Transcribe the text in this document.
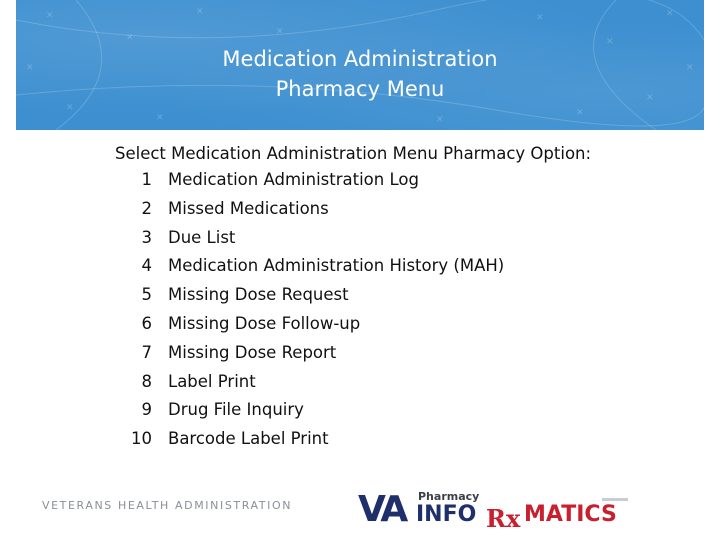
✕
✕
✕
✕
✕
✕
✕
✕
✕	✕
✕
✕	✕
✕
Medication Administration
Pharmacy Menu
Select Medication Administration Menu Pharmacy Option:
1 Medication Administration Log
2 Missed Medications
3 Due List
4 Medication Administration History (MAH)
5 Missing Dose Request
6 Missing Dose Follow-up
7 Missing Dose Report
8 Label Print
9 Drug File Inquiry
10 Barcode Label Print
VETERANS HEALTH ADMINISTRATION VA Pharmacy
INFO Rx MATICS
